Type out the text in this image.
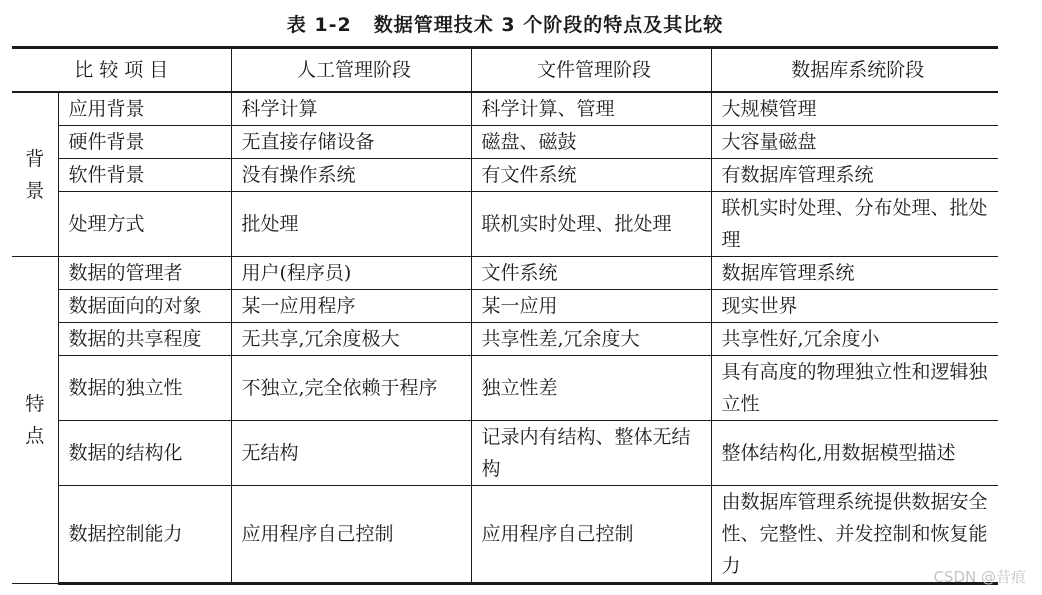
表 1-2 数据管理技术 3 个阶段的特点及其比较
比较项目		人工管理阶段	文件管理阶段	数据库系统阶段

背
景	应用背景	科学计算	科学计算、管理	大规模管理
	硬件背景	无直接存储设备	磁盘、磁鼓	大容量磁盘
	软件背景	没有操作系统	有文件系统	有数据库管理系统
	处理方式	批处理	联机实时处理、批处理	联机实时处理、分布处理、批处理

特
点	数据的管理者	用户(程序员)	文件系统	数据库管理系统
	数据面向的对象	某一应用程序	某一应用	现实世界
	数据的共享程度	无共享,冗余度极大	共享性差,冗余度大	共享性好,冗余度小
	数据的独立性	不独立,完全依赖于程序	独立性差	具有高度的物理独立性和逻辑独立性
	数据的结构化	无结构	记录内有结构、整体无结构	整体结构化,用数据模型描述
	数据控制能力	应用程序自己控制	应用程序自己控制	由数据库管理系统提供数据安全性、完整性、并发控制和恢复能力	CSDN @昔痕
